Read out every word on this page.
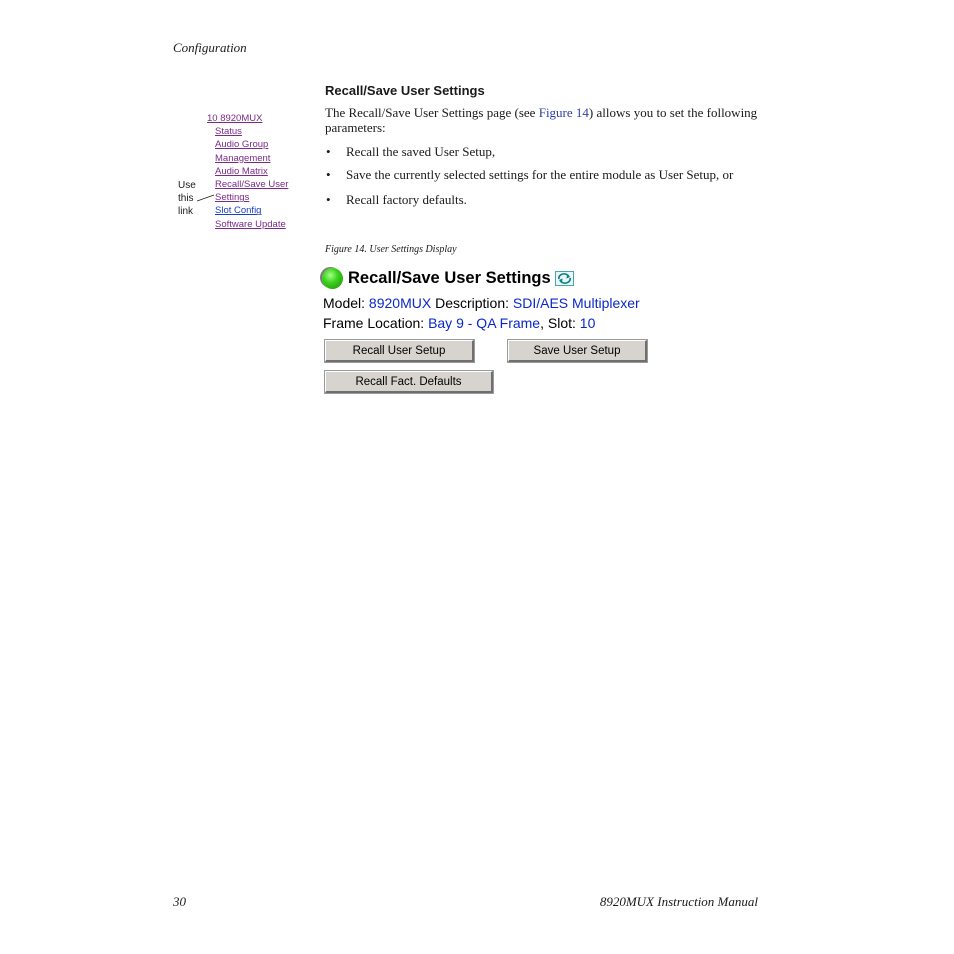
Configuration
Recall/Save User Settings
The Recall/Save User Settings page (see Figure 14) allows you to set the following parameters:
• Recall the saved User Setup,
• Save the currently selected settings for the entire module as User Setup, or
• Recall factory defaults.
10 8920MUX
Status
Audio Group
Management
Audio Matrix
Recall/Save User
Settings
Slot Config
Software Update
Use
this
link
Figure 14. User Settings Display
Recall/Save User Settings
Model: 8920MUX Description: SDI/AES Multiplexer
Frame Location: Bay 9 - QA Frame, Slot: 10
Recall User Setup	Save User Setup
Recall Fact. Defaults
30	8920MUX Instruction Manual
